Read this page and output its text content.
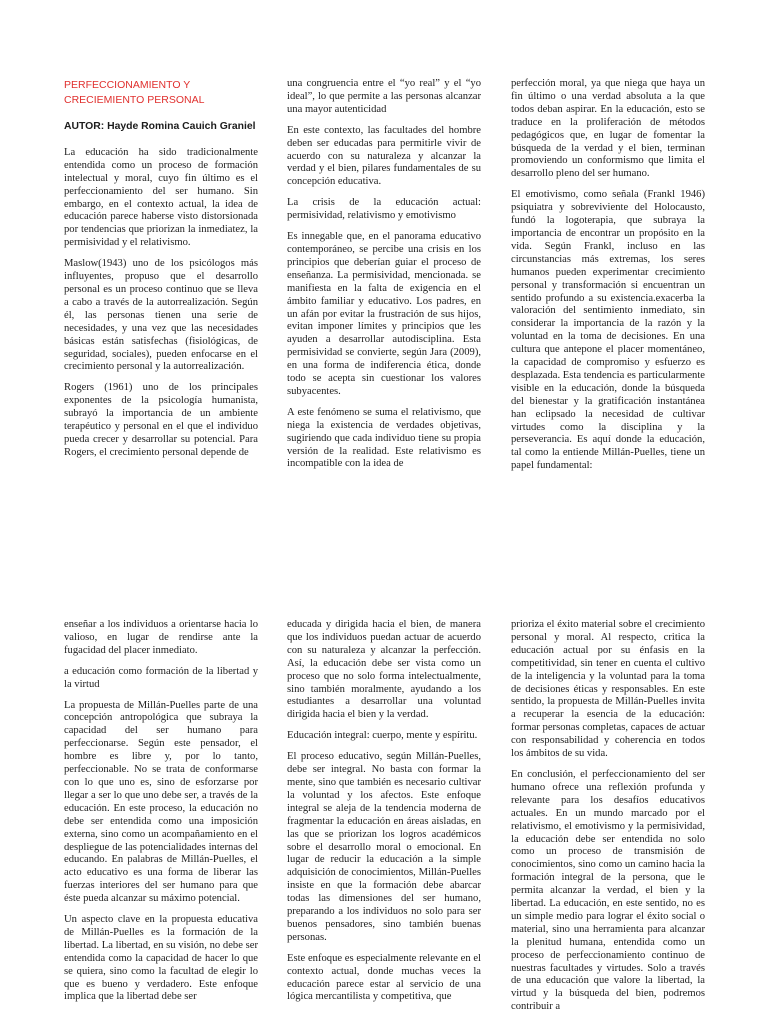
PERFECCIONAMIENTO Y CRECIEMIENTO PERSONAL
AUTOR: Hayde Romina Cauich Graniel

La educación ha sido tradicionalmente entendida como un proceso de formación intelectual y moral, cuyo fin último es el perfeccionamiento del ser humano. Sin embargo, en el contexto actual, la idea de educación parece haberse visto distorsionada por tendencias que priorizan la inmediatez, la permisividad y el relativismo.

Maslow(1943) uno de los psicólogos más influyentes, propuso que el desarrollo personal es un proceso continuo que se lleva a cabo a través de la autorrealización. Según él, las personas tienen una serie de necesidades, y una vez que las necesidades básicas están satisfechas (fisiológicas, de seguridad, sociales), pueden enfocarse en el crecimiento personal y la autorrealización.

Rogers (1961) uno de los principales exponentes de la psicología humanista, subrayó la importancia de un ambiente terapéutico y personal en el que el individuo pueda crecer y desarrollar su potencial. Para Rogers, el crecimiento personal depende de

una congruencia entre el “yo real” y el “yo ideal”, lo que permite a las personas alcanzar una mayor autenticidad

En este contexto, las facultades del hombre deben ser educadas para permitirle vivir de acuerdo con su naturaleza y alcanzar la verdad y el bien, pilares fundamentales de su concepción educativa.

La crisis de la educación actual: permisividad, relativismo y emotivismo

Es innegable que, en el panorama educativo contemporáneo, se percibe una crisis en los principios que deberían guiar el proceso de enseñanza. La permisividad, mencionada. se manifiesta en la falta de exigencia en el ámbito familiar y educativo. Los padres, en un afán por evitar la frustración de sus hijos, evitan imponer límites y principios que les ayuden a desarrollar autodisciplina. Esta permisividad se convierte, según Jara (2009), en una forma de indiferencia ética, donde todo se acepta sin cuestionar los valores subyacentes.

A este fenómeno se suma el relativismo, que niega la existencia de verdades objetivas, sugiriendo que cada individuo tiene su propia versión de la realidad. Este relativismo es incompatible con la idea de

perfección moral, ya que niega que haya un fin último o una verdad absoluta a la que todos deban aspirar. En la educación, esto se traduce en la proliferación de métodos pedagógicos que, en lugar de fomentar la búsqueda de la verdad y el bien, terminan promoviendo un conformismo que limita el desarrollo pleno del ser humano.

El emotivismo, como señala (Frankl 1946) psiquiatra y sobreviviente del Holocausto, fundó la logoterapia, que subraya la importancia de encontrar un propósito en la vida. Según Frankl, incluso en las circunstancias más extremas, los seres humanos pueden experimentar crecimiento personal y transformación si encuentran un sentido profundo a su existencia.exacerba la valoración del sentimiento inmediato, sin considerar la importancia de la razón y la voluntad en la toma de decisiones. En una cultura que antepone el placer momentáneo, la capacidad de compromiso y esfuerzo es desplazada. Esta tendencia es particularmente visible en la educación, donde la búsqueda del bienestar y la gratificación instantánea han eclipsado la necesidad de cultivar virtudes como la disciplina y la perseverancia. Es aquí donde la educación, tal como la entiende Millán-Puelles, tiene un papel fundamental:

enseñar a los individuos a orientarse hacia lo valioso, en lugar de rendirse ante la fugacidad del placer inmediato.

a educación como formación de la libertad y la virtud

La propuesta de Millán-Puelles parte de una concepción antropológica que subraya la capacidad del ser humano para perfeccionarse. Según este pensador, el hombre es libre y, por lo tanto, perfeccionable. No se trata de conformarse con lo que uno es, sino de esforzarse por llegar a ser lo que uno debe ser, a través de la educación. En este proceso, la educación no debe ser entendida como una imposición externa, sino como un acompañamiento en el despliegue de las potencialidades internas del educando. En palabras de Millán-Puelles, el acto educativo es una forma de liberar las fuerzas interiores del ser humano para que éste pueda alcanzar su máximo potencial.

Un aspecto clave en la propuesta educativa de Millán-Puelles es la formación de la libertad. La libertad, en su visión, no debe ser entendida como la capacidad de hacer lo que se quiera, sino como la facultad de elegir lo que es bueno y verdadero. Este enfoque implica que la libertad debe ser

educada y dirigida hacia el bien, de manera que los individuos puedan actuar de acuerdo con su naturaleza y alcanzar la perfección. Así, la educación debe ser vista como un proceso que no solo forma intelectualmente, sino también moralmente, ayudando a los estudiantes a desarrollar una voluntad dirigida hacia el bien y la verdad.

Educación integral: cuerpo, mente y espíritu.

El proceso educativo, según Millán-Puelles, debe ser integral. No basta con formar la mente, sino que también es necesario cultivar la voluntad y los afectos. Este enfoque integral se aleja de la tendencia moderna de fragmentar la educación en áreas aisladas, en las que se priorizan los logros académicos sobre el desarrollo moral o emocional. En lugar de reducir la educación a la simple adquisición de conocimientos, Millán-Puelles insiste en que la formación debe abarcar todas las dimensiones del ser humano, preparando a los individuos no solo para ser buenos pensadores, sino también buenas personas.

Este enfoque es especialmente relevante en el contexto actual, donde muchas veces la educación parece estar al servicio de una lógica mercantilista y competitiva, que

prioriza el éxito material sobre el crecimiento personal y moral. Al respecto, critica la educación actual por su énfasis en la competitividad, sin tener en cuenta el cultivo de la inteligencia y la voluntad para la toma de decisiones éticas y responsables. En este sentido, la propuesta de Millán-Puelles invita a recuperar la esencia de la educación: formar personas completas, capaces de actuar con responsabilidad y coherencia en todos los ámbitos de su vida.

En conclusión, el perfeccionamiento del ser humano ofrece una reflexión profunda y relevante para los desafíos educativos actuales. En un mundo marcado por el relativismo, el emotivismo y la permisividad, la educación debe ser entendida no solo como un proceso de transmisión de conocimientos, sino como un camino hacia la formación integral de la persona, que le permita alcanzar la verdad, el bien y la libertad. La educación, en este sentido, no es un simple medio para lograr el éxito social o material, sino una herramienta para alcanzar la plenitud humana, entendida como un proceso de perfeccionamiento continuo de nuestras facultades y virtudes. Solo a través de una educación que valore la libertad, la virtud y la búsqueda del bien, podremos contribuir a
